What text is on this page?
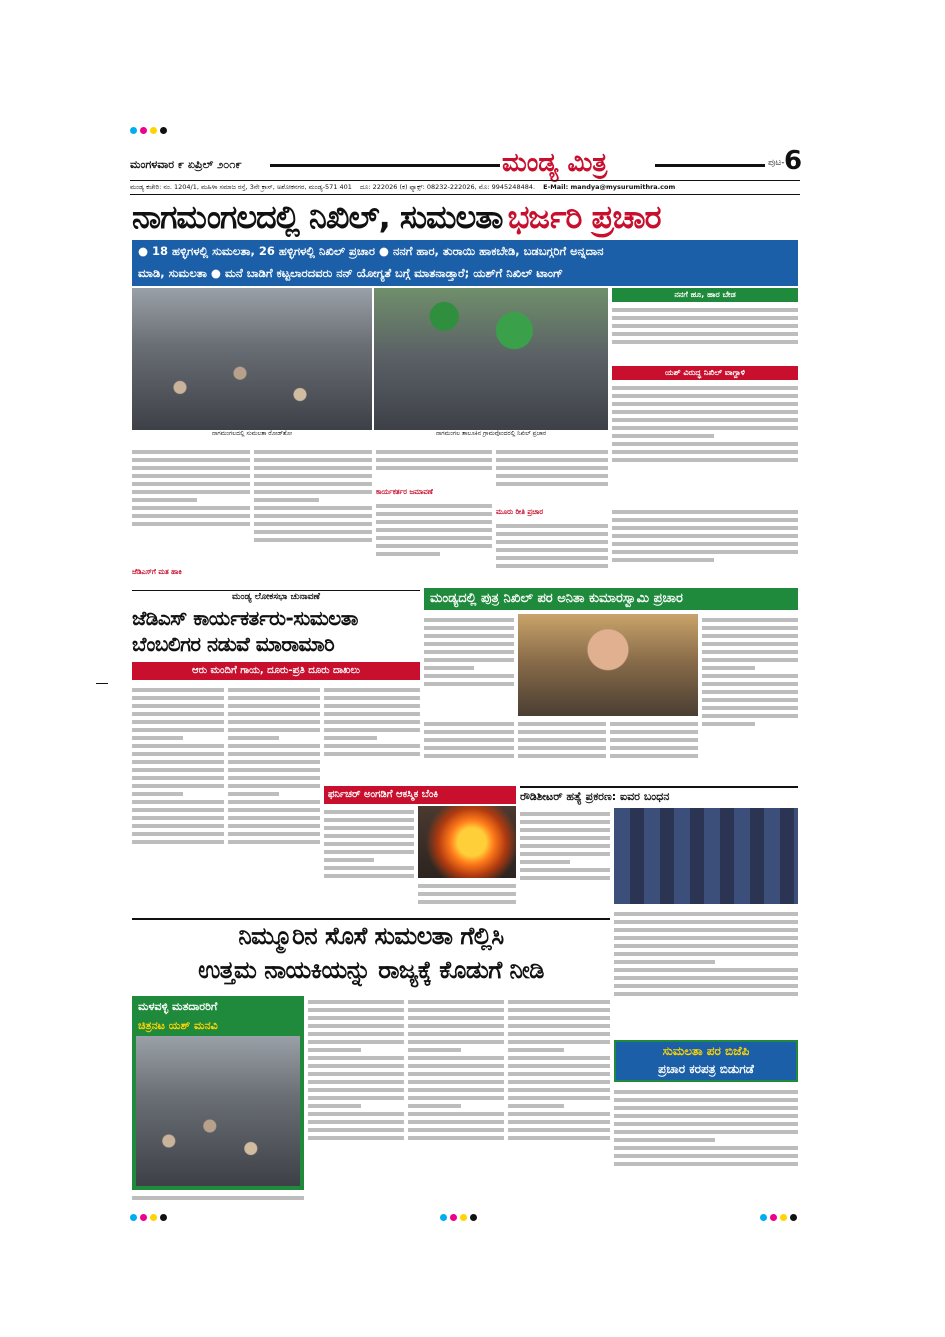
ಮಂಗಳವಾರ ೯ ಏಪ್ರಿಲ್ ೨೦೧೯	ಮಂಡ್ಯ ಮಿತ್ರ	ಪುಟ- 6
ಮಂಡ್ಯ ಕಚೇರಿ: ನಂ. 1204/1, ಮಹಿಳಾ ಸಮಾಜ ರಸ್ತೆ, 3ನೇ ಕ್ರಾಸ್, ಅಶೋಕನಗರ, ಮಂಡ್ಯ-571 401 ದೂ: 222026 (ಕ) ಫ್ಯಾಕ್ಸ್: 08232-222026, ಮೊ: 9945248484. E-Mail: mandya@mysurumithra.com
ನಾಗಮಂಗಲದಲ್ಲಿ ನಿಖಿಲ್, ಸುಮಲತಾ ಭರ್ಜರಿ ಪ್ರಚಾರ
● 18 ಹಳ್ಳಿಗಳಲ್ಲಿ ಸುಮಲತಾ, 26 ಹಳ್ಳಿಗಳಲ್ಲಿ ನಿಖಿಲ್ ಪ್ರಚಾರ ● ನನಗೆ ಹಾರ, ತುರಾಯಿ ಹಾಕಬೇಡಿ, ಬಡಬಗ್ಗರಿಗೆ ಅನ್ನದಾನ
ಮಾಡಿ, ಸುಮಲತಾ ● ಮನೆ ಬಾಡಿಗೆ ಕಟ್ಟಲಾರದವರು ನನ್ ಯೋಗ್ಯತೆ ಬಗ್ಗೆ ಮಾತನಾಡ್ತಾರೆ; ಯಶ್‌ಗೆ ನಿಖಿಲ್ ಟಾಂಗ್
ನಾಗಮಂಗಲದಲ್ಲಿ ಸುಮಲತಾ ರೋಡ್‌ಶೋ	ನಾಗಮಂಗಲ ತಾಲೂಕಿನ ಗ್ರಾಮವೊಂದರಲ್ಲಿ ನಿಖಿಲ್ ಪ್ರಚಾರ
ನನಗೆ ಹೂ, ಹಾರ ಬೇಡ
ಯಶ್ ವಿರುದ್ಧ ನಿಖಿಲ್ ವಾಗ್ದಾಳಿ
ಜೆಡಿಎಸ್‌ಗೆ ಮತ ಹಾಕಿ
ಕಾರ್ಯಕರ್ತರ ಜಮಾವಣೆ
ಮೂರು ರೀತಿ ಪ್ರಚಾರ
ಮಂಡ್ಯ ಲೋಕಸಭಾ ಚುನಾವಣೆ
ಜೆಡಿಎಸ್ ಕಾರ್ಯಕರ್ತರು-ಸುಮಲತಾ
ಬೆಂಬಲಿಗರ ನಡುವೆ ಮಾರಾಮಾರಿ
ಆರು ಮಂದಿಗೆ ಗಾಯ, ದೂರು-ಪ್ರತಿ ದೂರು ದಾಖಲು
ಮಂಡ್ಯದಲ್ಲಿ ಪುತ್ರ ನಿಖಿಲ್ ಪರ ಅನಿತಾ ಕುಮಾರಸ್ವಾಮಿ ಪ್ರಚಾರ
ಫರ್ನಿಚರ್ ಅಂಗಡಿಗೆ ಆಕಸ್ಮಿಕ ಬೆಂಕಿ	ರೌಡಿಶೀಟರ್ ಹತ್ಯೆ ಪ್ರಕರಣ: ಐವರ ಬಂಧನ
ನಿಮ್ಮೂರಿನ ಸೊಸೆ ಸುಮಲತಾ ಗೆಲ್ಲಿಸಿ
ಉತ್ತಮ ನಾಯಕಿಯನ್ನು ರಾಜ್ಯಕ್ಕೆ ಕೊಡುಗೆ ನೀಡಿ
ಮಳವಳ್ಳಿ ಮತದಾರರಿಗೆ
ಚಿತ್ರನಟ ಯಶ್ ಮನವಿ
ಸುಮಲತಾ ಪರ ಬಿಜೆಪಿ
ಪ್ರಚಾರ ಕರಪತ್ರ ಬಿಡುಗಡೆ
